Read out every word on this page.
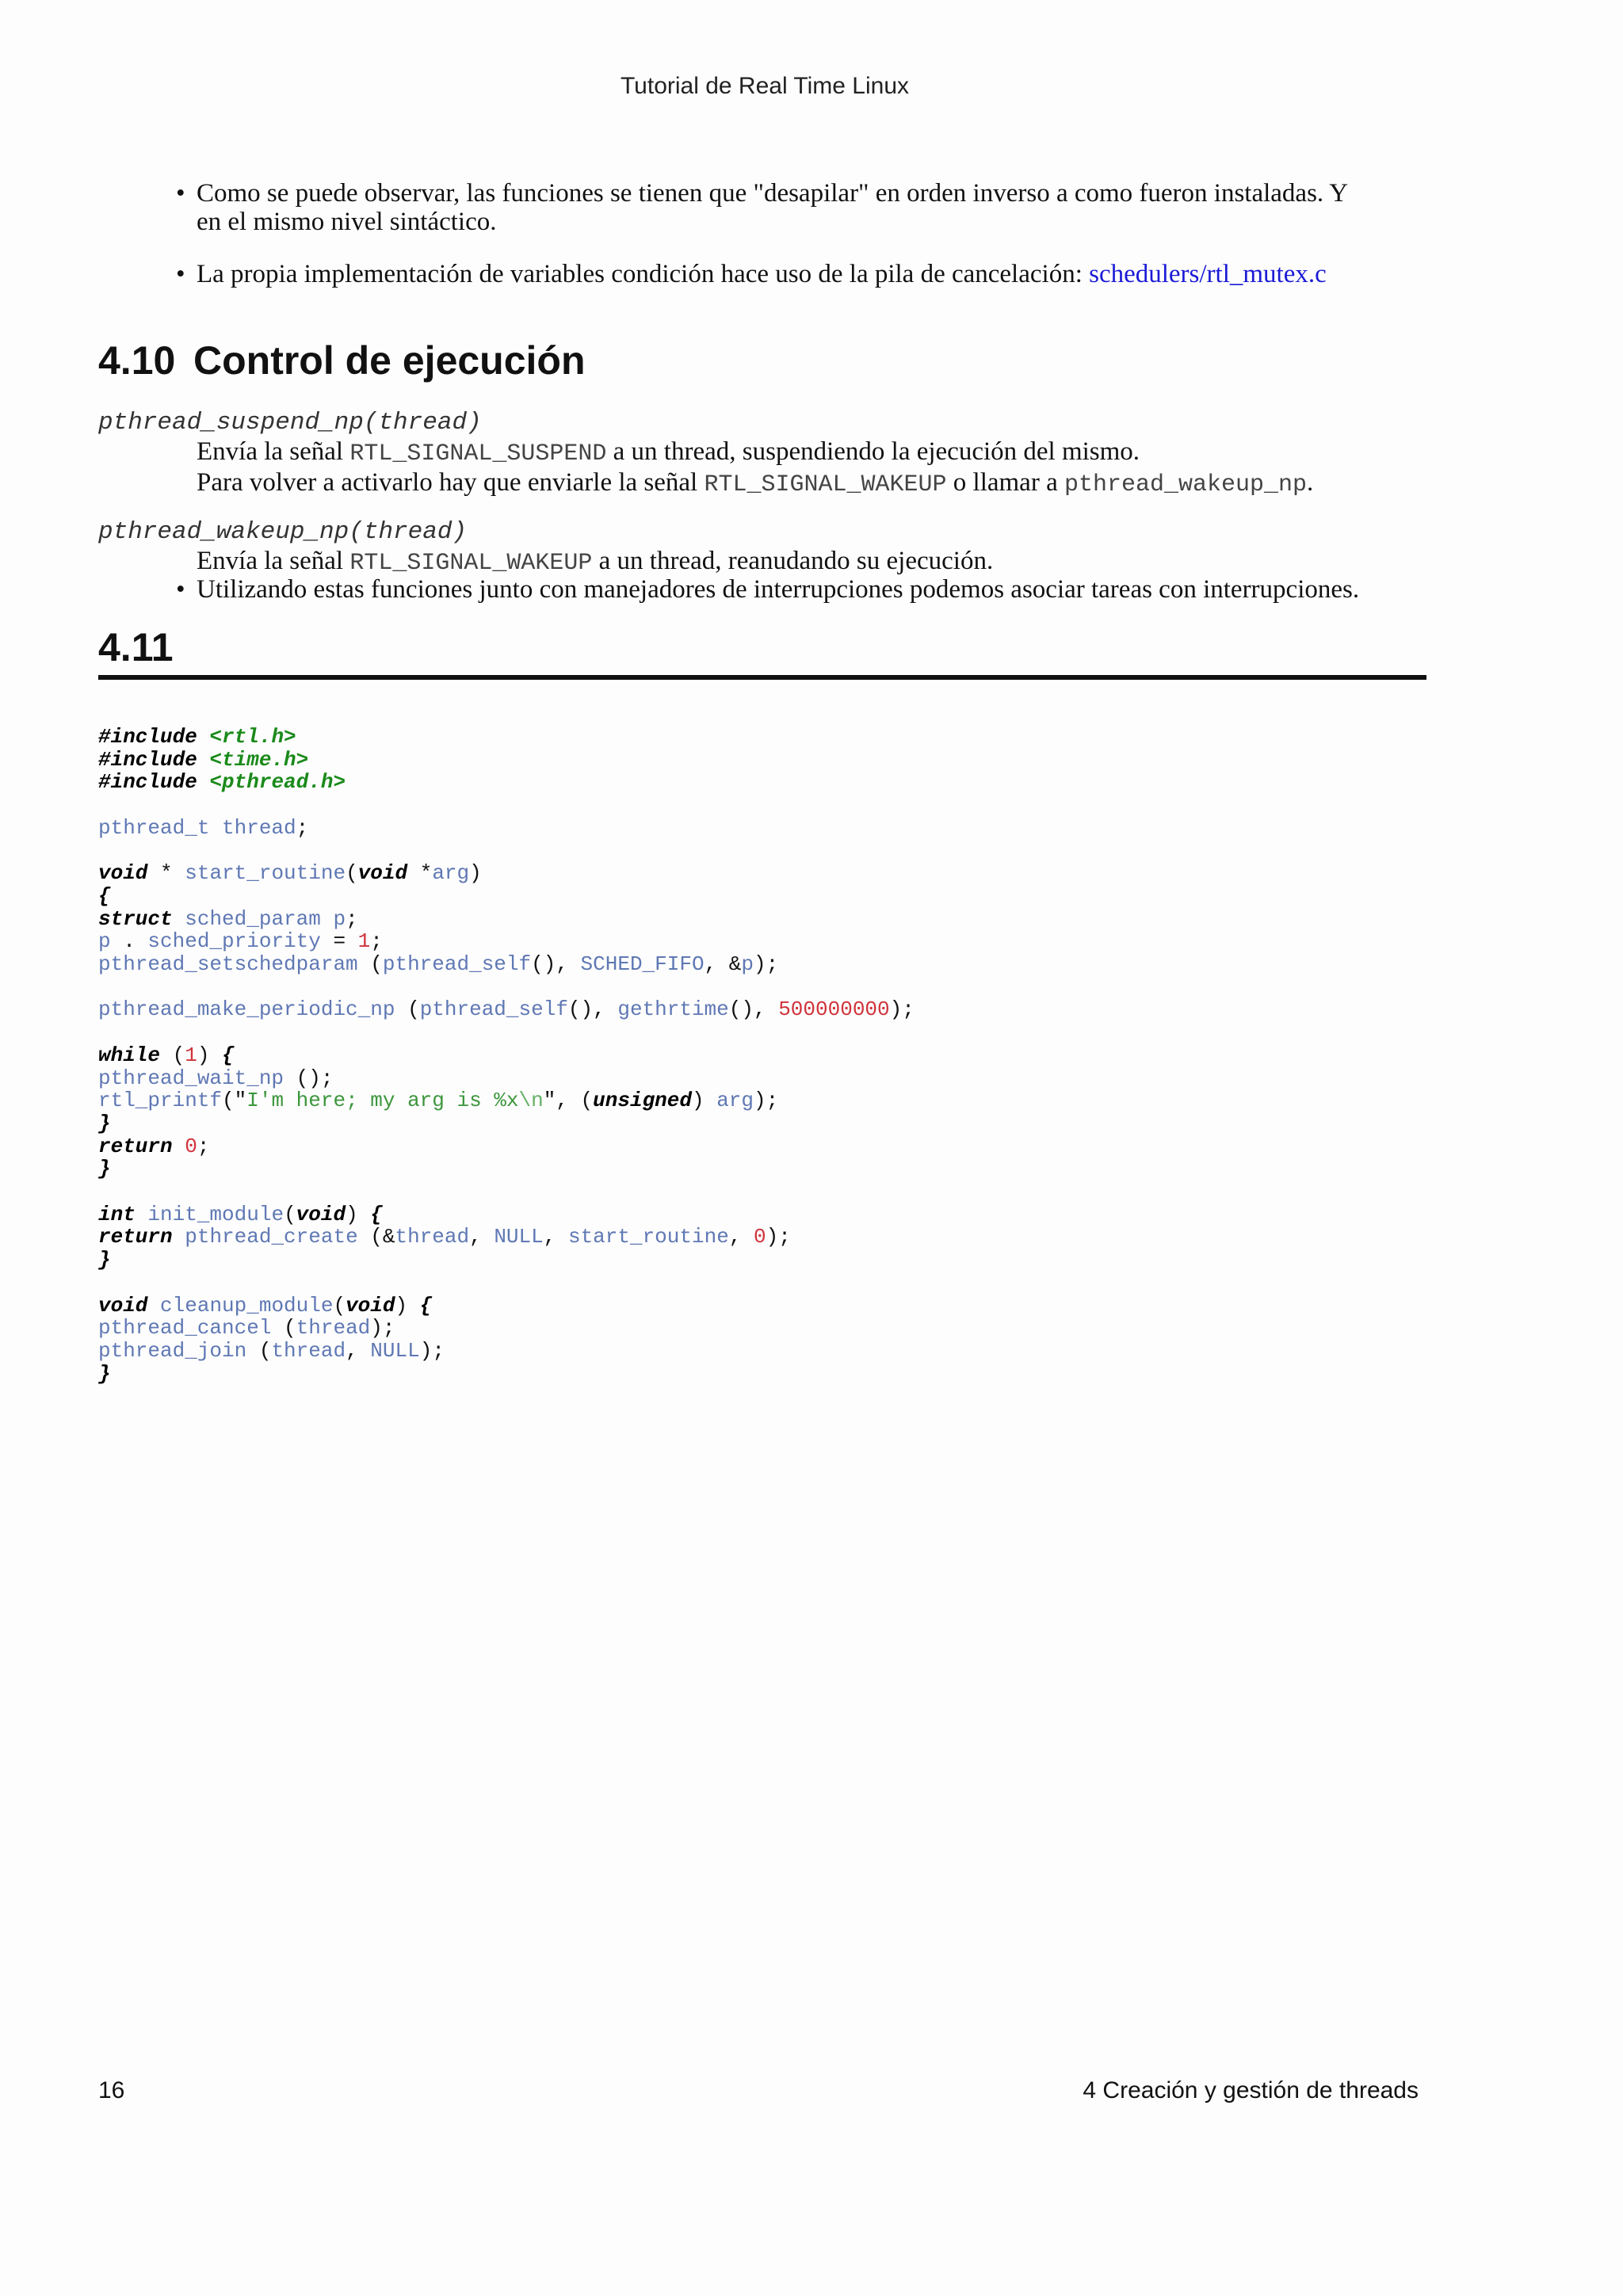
Tutorial de Real Time Linux
• Como se puede observar, las funciones se tienen que "desapilar" en orden inverso a como fueron instaladas. Y
en el mismo nivel sintáctico.
• La propia implementación de variables condición hace uso de la pila de cancelación: schedulers/rtl_mutex.c
4.10 Control de ejecución
pthread_suspend_np(thread)
Envía la señal RTL_SIGNAL_SUSPEND a un thread, suspendiendo la ejecución del mismo.
Para volver a activarlo hay que enviarle la señal RTL_SIGNAL_WAKEUP o llamar a pthread_wakeup_np.
pthread_wakeup_np(thread)
Envía la señal RTL_SIGNAL_WAKEUP a un thread, reanudando su ejecución.
• Utilizando estas funciones junto con manejadores de interrupciones podemos asociar tareas con interrupciones.
4.11
#include <rtl.h>
#include <time.h>
#include <pthread.h>

pthread_t thread;

void * start_routine(void *arg)
{
struct sched_param p;
p . sched_priority = 1;
pthread_setschedparam (pthread_self(), SCHED_FIFO, &p);

pthread_make_periodic_np (pthread_self(), gethrtime(), 500000000);

while (1) {
pthread_wait_np ();
rtl_printf("I'm here; my arg is %x\n", (unsigned) arg);
}
return 0;
}

int init_module(void) {
return pthread_create (&thread, NULL, start_routine, 0);
}

void cleanup_module(void) {
pthread_cancel (thread);
pthread_join (thread, NULL);
}

16	4 Creación y gestión de threads
